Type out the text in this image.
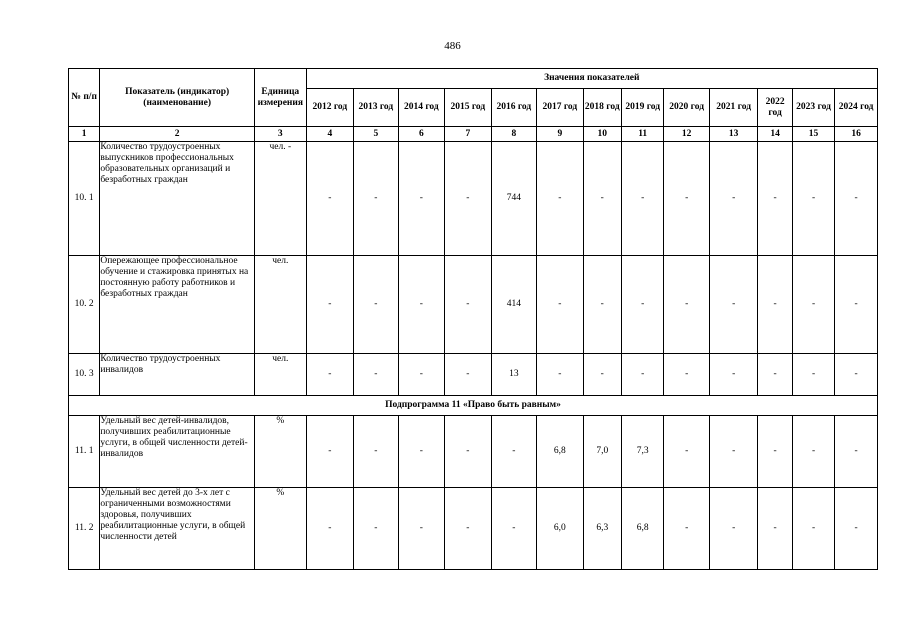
486
№ п/п	Показатель (индикатор) (наименование)	Единица измерения	Значения показателей												
			2012 год	2013 год	2014 год	2015 год	2016 год	2017 год	2018 год	2019 год	2020 год	2021 год	2022 год	2023 год	2024 год
1	2	3	4	5	6	7	8	9	10	11	12	13	14	15	16
10. 1	Количество трудоустроенных выпускников профессиональных образовательных организаций и безработных граждан	чел. -	-	-	-	-	744	-	-	-	-	-	-	-	-
10. 2	Опережающее профессиональное обучение и стажировка принятых на постоянную работу работников и безработных граждан	чел.	-	-	-	-	414	-	-	-	-	-	-	-	-
10. 3	Количество трудоустроенных инвалидов	чел.	-	-	-	-	13	-	-	-	-	-	-	-	-
Подпрограмма 11 «Право быть равным»															
11. 1	Удельный вес детей-инвалидов, получивших реабилитационные услуги, в общей численности детей-инвалидов	%	-	-	-	-	-	6,8	7,0	7,3	-	-	-	-	-
11. 2	Удельный вес детей до 3-х лет с ограниченными возможностями здоровья, получивших реабилитационные услуги, в общей численности детей	%	-	-	-	-	-	6,0	6,3	6,8	-	-	-	-	-
